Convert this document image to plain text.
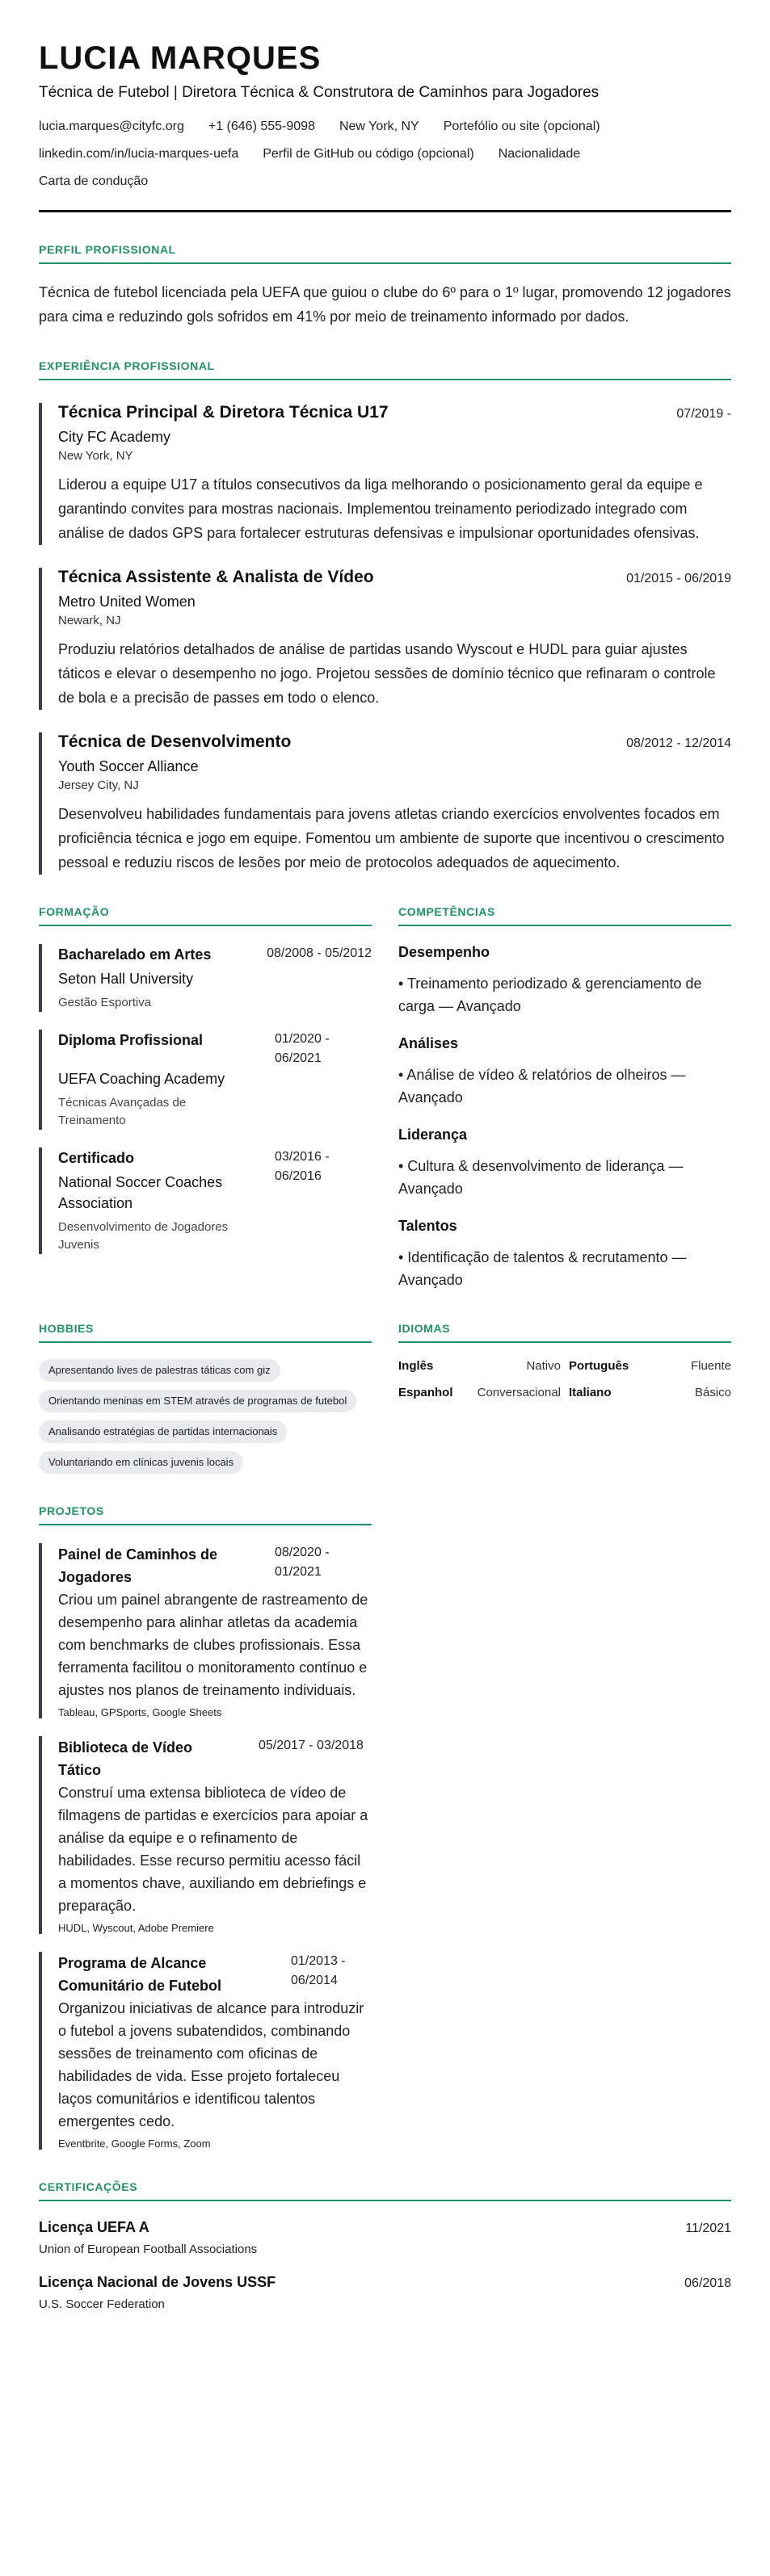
LUCIA MARQUES
Técnica de Futebol | Diretora Técnica & Construtora de Caminhos para Jogadores
lucia.marques@cityfc.org +1 (646) 555-9098 New York, NY Portefólio ou site (opcional)
linkedin.com/in/lucia-marques-uefa Perfil de GitHub ou código (opcional) Nacionalidade
Carta de condução
PERFIL PROFISSIONAL

Técnica de futebol licenciada pela UEFA que guiou o clube do 6º para o 1º lugar, promovendo 12 jogadores para cima e reduzindo gols sofridos em 41% por meio de treinamento informado por dados.

EXPERIÊNCIA PROFISSIONAL
Técnica Principal & Diretora Técnica U17	07/2019 -
City FC Academy
New York, NY

Liderou a equipe U17 a títulos consecutivos da liga melhorando o posicionamento geral da equipe e garantindo convites para mostras nacionais. Implementou treinamento periodizado integrado com análise de dados GPS para fortalecer estruturas defensivas e impulsionar oportunidades ofensivas.

Técnica Assistente & Analista de Vídeo	01/2015 - 06/2019
Metro United Women
Newark, NJ

Produziu relatórios detalhados de análise de partidas usando Wyscout e HUDL para guiar ajustes táticos e elevar o desempenho no jogo. Projetou sessões de domínio técnico que refinaram o controle de bola e a precisão de passes em todo o elenco.

Técnica de Desenvolvimento	08/2012 - 12/2014
Youth Soccer Alliance
Jersey City, NJ

Desenvolveu habilidades fundamentais para jovens atletas criando exercícios envolventes focados em proficiência técnica e jogo em equipe. Fomentou um ambiente de suporte que incentivou o crescimento pessoal e reduziu riscos de lesões por meio de protocolos adequados de aquecimento.

FORMAÇÃO
Bacharelado em Artes	08/2008 - 05/2012
Seton Hall University
Gestão Esportiva
Diploma Profissional	01/2020 - 06/2021
UEFA Coaching Academy
Técnicas Avançadas de Treinamento
Certificado
National Soccer Coaches Association
03/2016 - 06/2016
Desenvolvimento de Jogadores Juvenis
COMPETÊNCIAS
Desempenho
• Treinamento periodizado & gerenciamento de carga — Avançado
Análises
• Análise de vídeo & relatórios de olheiros — Avançado
Liderança
• Cultura & desenvolvimento de liderança — Avançado
Talentos
• Identificação de talentos & recrutamento — Avançado
HOBBIES
Apresentando lives de palestras táticas com giz
Orientando meninas em STEM através de programas de futebol
Analisando estratégias de partidas internacionais
Voluntariando em clínicas juvenis locais
IDIOMAS
Inglês	Nativo Português	Fluente
Espanhol Conversacional Italiano	Básico
PROJETOS
Painel de Caminhos de Jogadores
08/2020 - 01/2021

Criou um painel abrangente de rastreamento de desempenho para alinhar atletas da academia com benchmarks de clubes profissionais. Essa ferramenta facilitou o monitoramento contínuo e ajustes nos planos de treinamento individuais.

Tableau, GPSports, Google Sheets
Biblioteca de Vídeo Tático
05/2017 - 03/2018

Construí uma extensa biblioteca de vídeo de filmagens de partidas e exercícios para apoiar a análise da equipe e o refinamento de habilidades. Esse recurso permitiu acesso fácil a momentos chave, auxiliando em debriefings e preparação.

HUDL, Wyscout, Adobe Premiere
Programa de Alcance Comunitário de Futebol
01/2013 - 06/2014

Organizou iniciativas de alcance para introduzir o futebol a jovens subatendidos, combinando sessões de treinamento com oficinas de habilidades de vida. Esse projeto fortaleceu laços comunitários e identificou talentos emergentes cedo.

Eventbrite, Google Forms, Zoom
CERTIFICAÇÕES
Licença UEFA A	11/2021
Union of European Football Associations
Licença Nacional de Jovens USSF	06/2018
U.S. Soccer Federation
